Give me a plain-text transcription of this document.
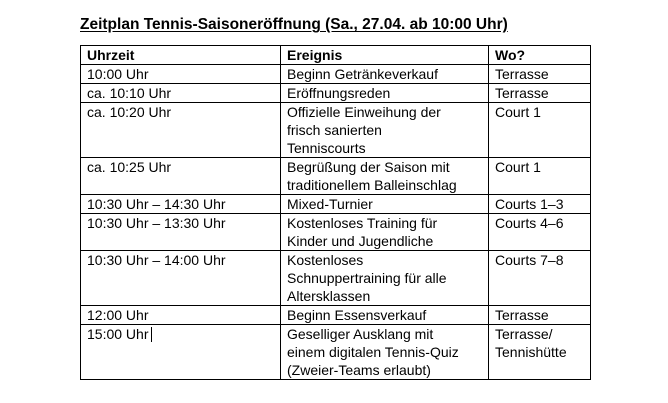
Zeitplan Tennis-Saisoneröffnung (Sa., 27.04. ab 10:00 Uhr)
Uhrzeit	Ereignis	Wo?

10:00 Uhr	Beginn Getränkeverkauf	Terrasse

ca. 10:10 Uhr	Eröffnungsreden	Terrasse

ca. 10:20 Uhr	Offizielle Einweihung der
frisch sanierten
Tenniscourts	Court 1

ca. 10:25 Uhr	Begrüßung der Saison mit
traditionellem Balleinschlag	Court 1

10:30 Uhr – 14:30 Uhr	Mixed-Turnier	Courts 1–3

10:30 Uhr – 13:30 Uhr	Kostenloses Training für
Kinder und Jugendliche	Courts 4–6

10:30 Uhr – 14:00 Uhr	Kostenloses
Schnuppertraining für alle
Altersklassen	Courts 7–8

12:00 Uhr	Beginn Essensverkauf	Terrasse

15:00 Uhr	Geselliger Ausklang mit
einem digitalen Tennis-Quiz
(Zweier-Teams erlaubt)	Terrasse/
Tennishütte
